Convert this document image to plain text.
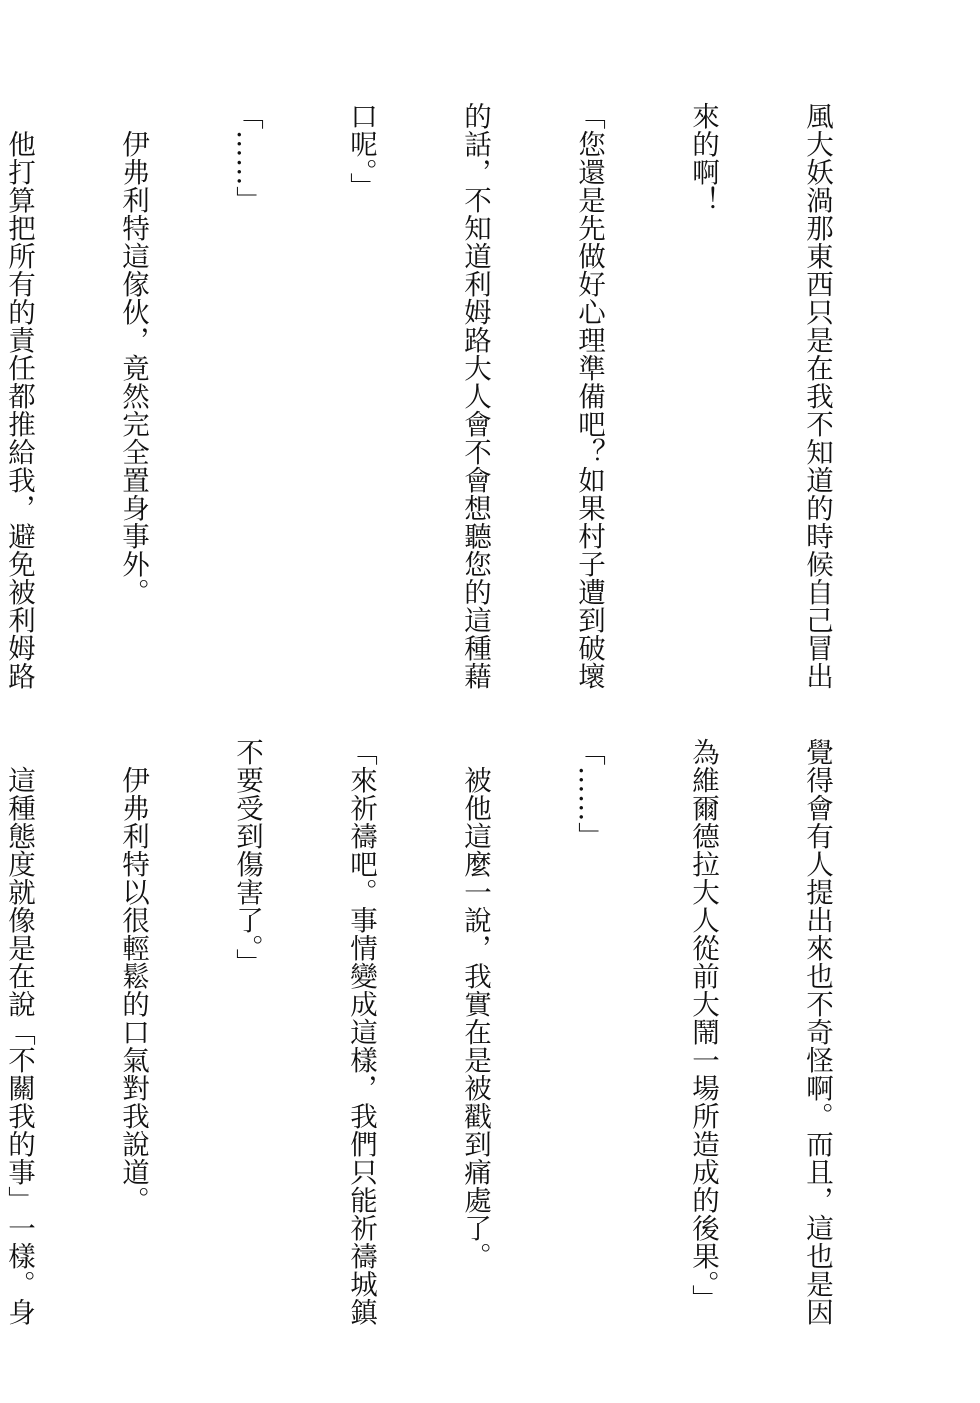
風大妖渦那東西只是在我不知道的時候自己冒出

來的啊！

「您還是先做好心理準備吧？如果村子遭到破壞

的話，不知道利姆路大人會不會想聽您的這種藉

口呢。」

「……」

　伊弗利特這傢伙，竟然完全置身事外。

　他打算把所有的責任都推給我，避免被利姆路

覺得會有人提出來也不奇怪啊。而且，這也是因

為維爾德拉大人從前大鬧一場所造成的後果。」

「……」

　被他這麼一說，我實在是被戳到痛處了。

「來祈禱吧。事情變成這樣，我們只能祈禱城鎮

不要受到傷害了。」

　伊弗利特以很輕鬆的口氣對我說道。

　這種態度就像是在說「不關我的事」一樣。身
